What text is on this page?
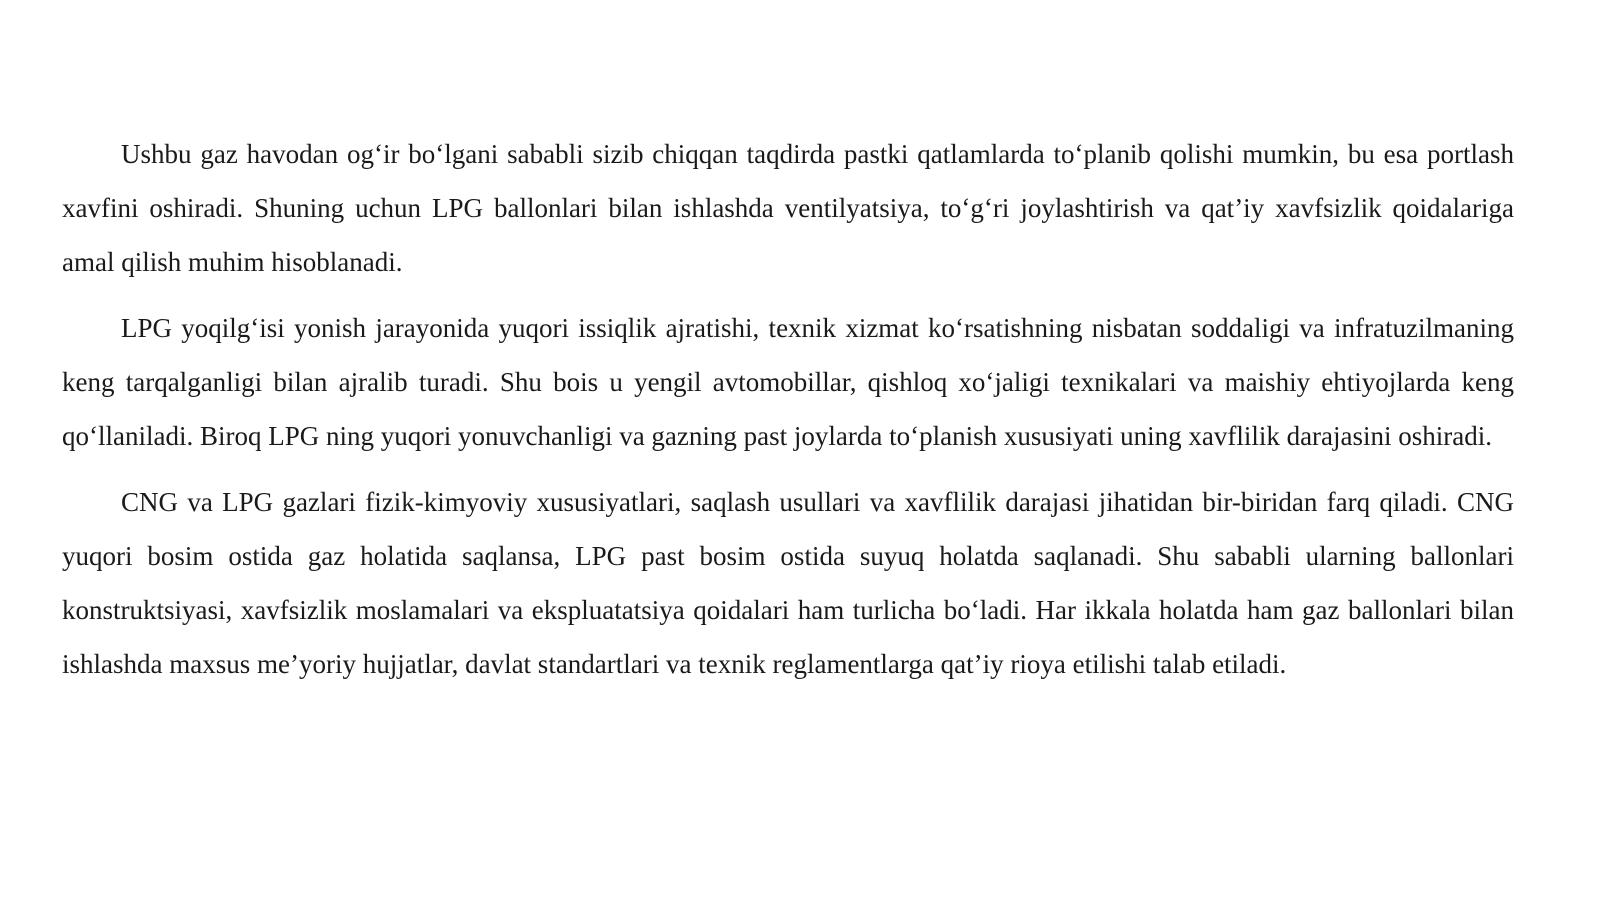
Ushbu gaz havodan og‘ir bo‘lgani sababli sizib chiqqan taqdirda pastki qatlamlarda to‘planib qolishi mumkin, bu esa portlash xavfini oshiradi. Shuning uchun LPG ballonlari bilan ishlashda ventilyatsiya, to‘g‘ri joylashtirish va qat’iy xavfsizlik qoidalariga amal qilish muhim hisoblanadi.

LPG yoqilg‘isi yonish jarayonida yuqori issiqlik ajratishi, texnik xizmat ko‘rsatishning nisbatan soddaligi va infratuzilmaning keng tarqalganligi bilan ajralib turadi. Shu bois u yengil avtomobillar, qishloq xo‘jaligi texnikalari va maishiy ehtiyojlarda keng qo‘llaniladi. Biroq LPG ning yuqori yonuvchanligi va gazning past joylarda to‘planish xususiyati uning xavflilik darajasini oshiradi.

CNG va LPG gazlari fizik-kimyoviy xususiyatlari, saqlash usullari va xavflilik darajasi jihatidan bir-biridan farq qiladi. CNG yuqori bosim ostida gaz holatida saqlansa, LPG past bosim ostida suyuq holatda saqlanadi. Shu sababli ularning ballonlari konstruktsiyasi, xavfsizlik moslamalari va ekspluatatsiya qoidalari ham turlicha bo‘ladi. Har ikkala holatda ham gaz ballonlari bilan ishlashda maxsus me’yoriy hujjatlar, davlat standartlari va texnik reglamentlarga qat’iy rioya etilishi talab etiladi.
